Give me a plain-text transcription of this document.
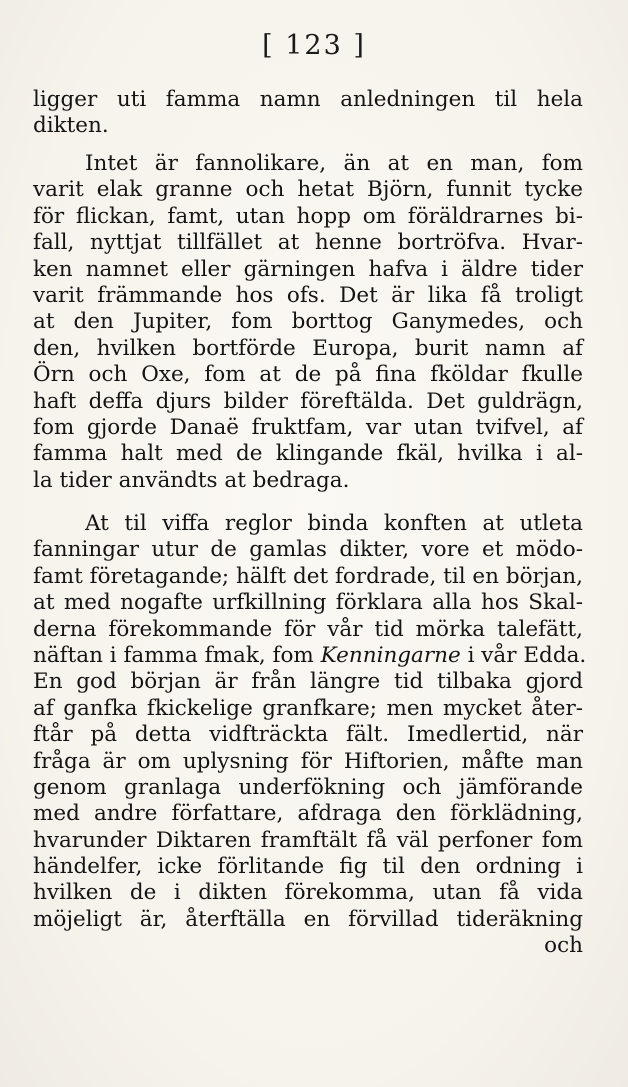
[ 123 ]
ligger uti famma namn anledningen til hela
dikten.
Intet är fannolikare, än at en man, fom
varit elak granne och hetat Björn, funnit tycke
för flickan, famt, utan hopp om föräldrarnes bi-
fall, nyttjat tillfället at henne bortröfva. Hvar-
ken namnet eller gärningen hafva i äldre tider
varit främmande hos ofs. Det är lika få troligt
at den Jupiter, fom borttog Ganymedes, och
den, hvilken bortförde Europa, burit namn af
Örn och Oxe, fom at de på fina fköldar fkulle
haft deffa djurs bilder föreftälda. Det guldrägn,
fom gjorde Danaë fruktfam, var utan tvifvel, af
famma halt med de klingande fkäl, hvilka i al-
la tider användts at bedraga.
At til viffa reglor binda konften at utleta
fanningar utur de gamlas dikter, vore et mödo-
famt företagande; hälft det fordrade, til en början,
at med nogafte urfkillning förklara alla hos Skal-
derna förekommande för vår tid mörka talefätt,
näftan i famma fmak, fom Kenningarne i vår Edda.
En god början är från längre tid tilbaka gjord
af ganfka fkickelige granfkare; men mycket åter-
ftår på detta vidfträckta fält. Imedlertid, när
fråga är om uplysning för Hiftorien, måfte man
genom granlaga underfökning och jämförande
med andre författare, afdraga den förklädning,
hvarunder Diktaren framftält få väl perfoner fom
händelfer, icke förlitande fig til den ordning i
hvilken de i dikten förekomma, utan få vida
möjeligt är, återftälla en förvillad tideräkning
och
